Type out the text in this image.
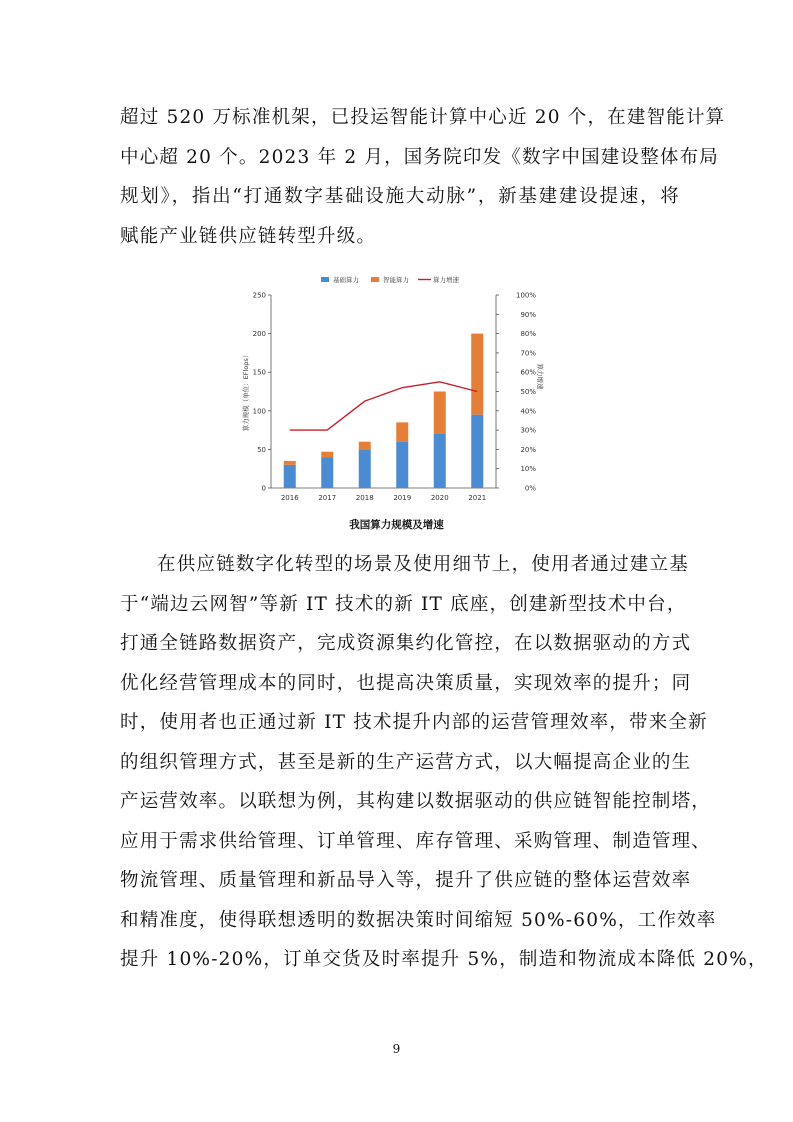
超过 520 万标准机架，已投运智能计算中心近 20 个，在建智能计算
中心超 20 个。2023 年 2 月，国务院印发《数字中国建设整体布局
规划》，指出“打通数字基础设施大动脉”，新基建建设提速，将
赋能产业链供应链转型升级。
0
50
100
150
200
250
0%
10%
20%
30%
40%
50%
60%
70%
80%
90%
100%
2016	2017	2018	2019	2020	2021
算力规模（单位：EFlops）	算力增速
基础算力	智能算力	算力增速
我国算力规模及增速
在供应链数字化转型的场景及使用细节上，使用者通过建立基
于“端边云网智”等新 IT 技术的新 IT 底座，创建新型技术中台，
打通全链路数据资产，完成资源集约化管控，在以数据驱动的方式
优化经营管理成本的同时，也提高决策质量，实现效率的提升；同
时，使用者也正通过新 IT 技术提升内部的运营管理效率，带来全新
的组织管理方式，甚至是新的生产运营方式，以大幅提高企业的生
产运营效率。以联想为例，其构建以数据驱动的供应链智能控制塔，
应用于需求供给管理、订单管理、库存管理、采购管理、制造管理、
物流管理、质量管理和新品导入等，提升了供应链的整体运营效率
和精准度，使得联想透明的数据决策时间缩短 50%-60%，工作效率
提升 10%-20%，订单交货及时率提升 5%，制造和物流成本降低 20%，
9
